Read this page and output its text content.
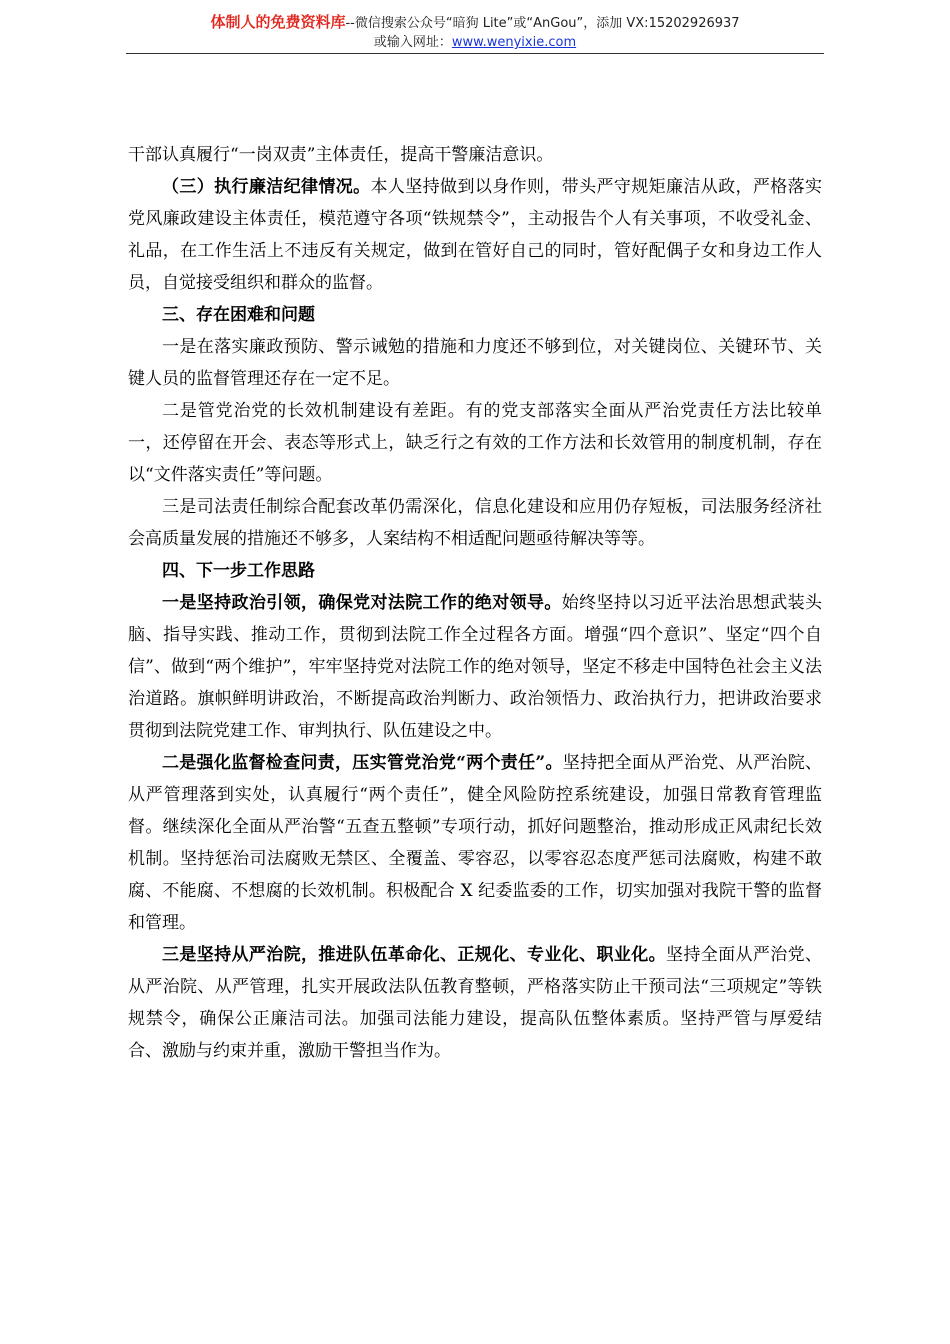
体制人的免费资料库--微信搜索公众号“暗狗 Lite”或“AnGou”，添加 VX:15202926937
或输入网址：www.wenyixie.com

干部认真履行“一岗双责”主体责任，提高干警廉洁意识。

（三）执行廉洁纪律情况。本人坚持做到以身作则，带头严守规矩廉洁从政，严格落实党风廉政建设主体责任，模范遵守各项“铁规禁令”，主动报告个人有关事项，不收受礼金、礼品，在工作生活上不违反有关规定，做到在管好自己的同时，管好配偶子女和身边工作人员，自觉接受组织和群众的监督。

三、存在困难和问题

一是在落实廉政预防、警示诫勉的措施和力度还不够到位，对关键岗位、关键环节、关键人员的监督管理还存在一定不足。

二是管党治党的长效机制建设有差距。有的党支部落实全面从严治党责任方法比较单一，还停留在开会、表态等形式上，缺乏行之有效的工作方法和长效管用的制度机制，存在以“文件落实责任”等问题。

三是司法责任制综合配套改革仍需深化，信息化建设和应用仍存短板，司法服务经济社会高质量发展的措施还不够多，人案结构不相适配问题亟待解决等等。

四、下一步工作思路

一是坚持政治引领，确保党对法院工作的绝对领导。始终坚持以习近平法治思想武装头脑、指导实践、推动工作，贯彻到法院工作全过程各方面。增强“四个意识”、坚定“四个自信”、做到“两个维护”，牢牢坚持党对法院工作的绝对领导，坚定不移走中国特色社会主义法治道路。旗帜鲜明讲政治，不断提高政治判断力、政治领悟力、政治执行力，把讲政治要求贯彻到法院党建工作、审判执行、队伍建设之中。

二是强化监督检查问责，压实管党治党“两个责任”。坚持把全面从严治党、从严治院、从严管理落到实处，认真履行“两个责任”，健全风险防控系统建设，加强日常教育管理监督。继续深化全面从严治警“五查五整顿”专项行动，抓好问题整治，推动形成正风肃纪长效机制。坚持惩治司法腐败无禁区、全覆盖、零容忍，以零容忍态度严惩司法腐败，构建不敢腐、不能腐、不想腐的长效机制。积极配合 X 纪委监委的工作，切实加强对我院干警的监督和管理。

三是坚持从严治院，推进队伍革命化、正规化、专业化、职业化。坚持全面从严治党、从严治院、从严管理，扎实开展政法队伍教育整顿，严格落实防止干预司法“三项规定”等铁规禁令，确保公正廉洁司法。加强司法能力建设，提高队伍整体素质。坚持严管与厚爱结合、激励与约束并重，激励干警担当作为。
